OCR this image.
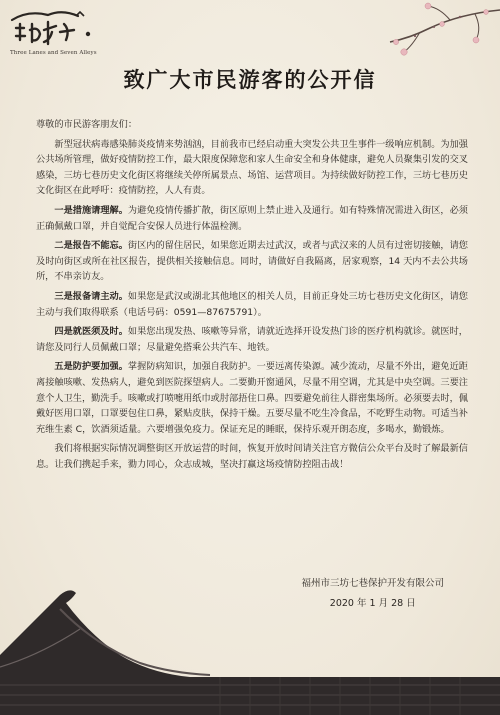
Three Lanes and Seven Alleys
致广大市民游客的公开信

尊敬的市民游客朋友们：

新型冠状病毒感染肺炎疫情来势汹汹，目前我市已经启动重大突发公共卫生事件一级响应机制。为加强公共场所管理，做好疫情防控工作，最大限度保障您和家人生命安全和身体健康，避免人员聚集引发的交叉感染，三坊七巷历史文化街区将继续关停所属景点、场馆、运营项目。为持续做好防控工作，三坊七巷历史文化街区在此呼吁：疫情防控，人人有责。

一是措施请理解。为避免疫情传播扩散，街区原则上禁止进入及通行。如有特殊情况需进入街区，必须正确佩戴口罩，并自觉配合安保人员进行体温检测。

二是报告不能忘。街区内的留住居民，如果您近期去过武汉，或者与武汉来的人员有过密切接触，请您及时向街区或所在社区报告，提供相关接触信息。同时，请做好自我隔离，居家观察，14 天内不去公共场所，不串亲访友。

三是报备请主动。如果您是武汉或湖北其他地区的相关人员，目前正身处三坊七巷历史文化街区，请您主动与我们取得联系（电话号码：0591—87675791）。

四是就医须及时。如果您出现发热、咳嗽等异常，请就近选择开设发热门诊的医疗机构就诊。就医时，请您及同行人员佩戴口罩；尽量避免搭乘公共汽车、地铁。

五是防护要加强。掌握防病知识，加强自我防护。一要远离传染源。减少流动，尽量不外出，避免近距离接触咳嗽、发热病人，避免到医院探望病人。二要勤开窗通风，尽量不用空调，尤其是中央空调。三要注意个人卫生，勤洗手。咳嗽或打喷嚏用纸巾或肘部捂住口鼻。四要避免前往人群密集场所。必须要去时，佩戴好医用口罩，口罩要包住口鼻，紧贴皮肤，保持干燥。五要尽量不吃生冷食品，不吃野生动物。可适当补充维生素 C，饮酒须适量。六要增强免疫力。保证充足的睡眠，保持乐观开朗态度，多喝水，勤锻炼。

我们将根据实际情况调整街区开放运营的时间，恢复开放时间请关注官方微信公众平台及时了解最新信息。让我们携起手来，勠力同心，众志成城，坚决打赢这场疫情防控阻击战！

福州市三坊七巷保护开发有限公司
2020 年 1 月 28 日
